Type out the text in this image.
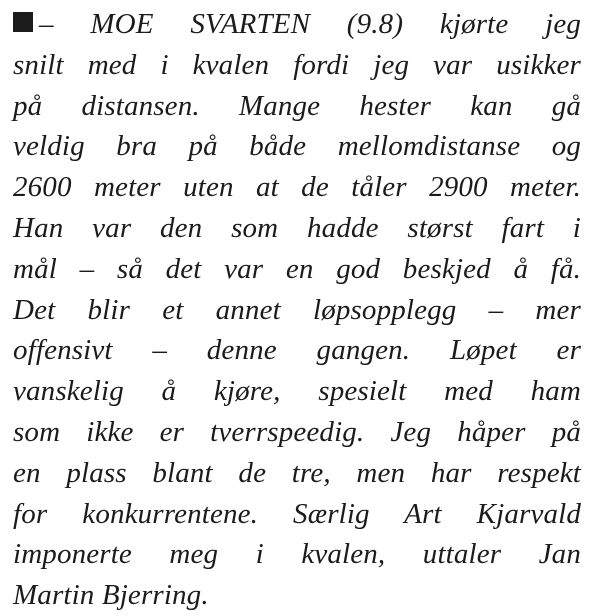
– MOE SVARTEN (9.8) kjørte jeg
snilt med i kvalen fordi jeg var usikker
på distansen. Mange hester kan gå
veldig bra på både mellomdistanse og
2600 meter uten at de tåler 2900 meter.
Han var den som hadde størst fart i
mål – så det var en god beskjed å få.
Det blir et annet løpsopplegg – mer
offensivt – denne gangen. Løpet er
vanskelig å kjøre, spesielt med ham
som ikke er tverrspeedig. Jeg håper på
en plass blant de tre, men har respekt
for konkurrentene. Særlig Art Kjarvald
imponerte meg i kvalen, uttaler Jan
Martin Bjerring.
